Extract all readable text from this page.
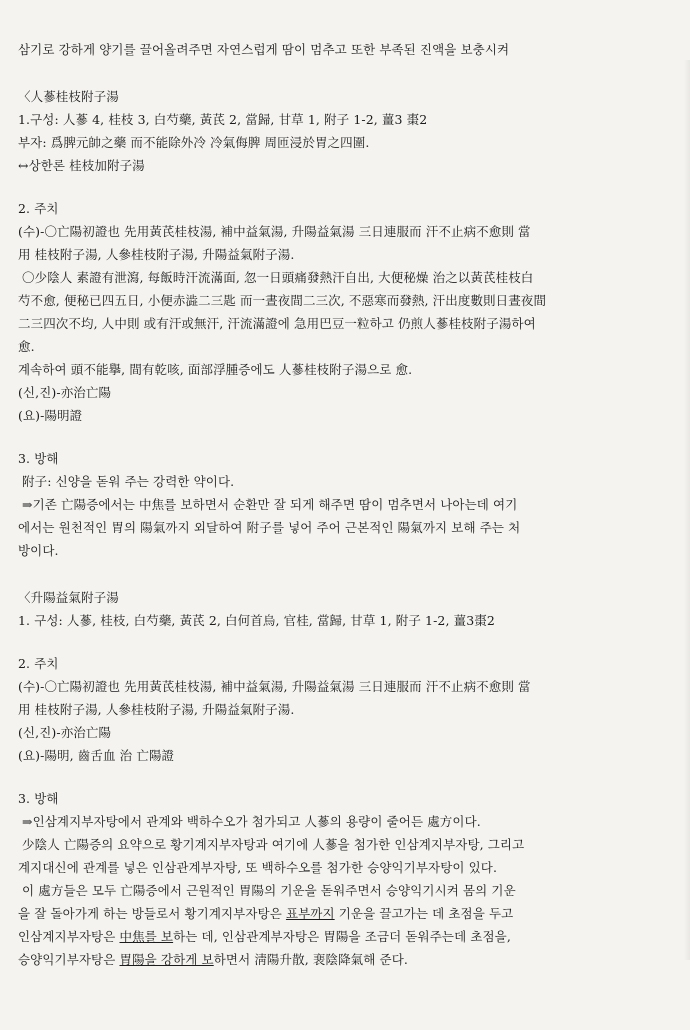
삼기로 강하게 양기를 끌어올려주면 자연스럽게 땀이 멈추고 또한 부족된 진액을 보충시켜

〈人蔘桂枝附子湯

1.구성: 人蔘 4, 桂枝 3, 白芍藥, 黃芪 2, 當歸, 甘草 1, 附子 1-2, 薑3 棗2

부자: 爲脾元帥之藥 而不能除外冷 冷氣侮脾 周匝浸於胃之四圍.

↔상한론 桂枝加附子湯

2. 주치

(수)-〇亡陽初證也 先用黃芪桂枝湯, 補中益氣湯, 升陽益氣湯 三日連服而 汗不止病不愈則 當

用 桂枝附子湯, 人參桂枝附子湯, 升陽益氣附子湯.

〇少陰人 素證有泄瀉, 每飯時汗流滿面, 忽一日頭痛發熱汗自出, 大便秘燥 治之以黃芪桂枝白

芍不愈, 便秘已四五日, 小便赤澁二三匙 而一晝夜間二三次, 不惡寒而發熱, 汗出度數則日晝夜間

二三四次不均, 人中則 或有汗或無汗, 汗流滿證에 急用巴豆一粒하고 仍煎人蔘桂枝附子湯하여

愈.

계속하여 頭不能擧, 間有乾咳, 面部浮腫증에도 人蔘桂枝附子湯으로 愈.

(신,진)-亦治亡陽

(요)-陽明證

3. 방해

附子: 신양을 돋워 주는 강력한 약이다.

⇒기존 亡陽증에서는 中焦를 보하면서 순환만 잘 되게 해주면 땀이 멈추면서 나아는데 여기

에서는 원천적인 胃의 陽氣까지 외달하여 附子를 넣어 주어 근본적인 陽氣까지 보해 주는 처

방이다.

〈升陽益氣附子湯

1. 구성: 人蔘, 桂枝, 白芍藥, 黃芪 2, 白何首烏, 官桂, 當歸, 甘草 1, 附子 1-2, 薑3棗2

2. 주치

(수)-〇亡陽初證也 先用黃芪桂枝湯, 補中益氣湯, 升陽益氣湯 三日連服而 汗不止病不愈則 當

用 桂枝附子湯, 人參桂枝附子湯, 升陽益氣附子湯.

(신,진)-亦治亡陽

(요)-陽明, 齒舌血 治 亡陽證

3. 방해

⇒인삼계지부자탕에서 관계와 백하수오가 첨가되고 人蔘의 용량이 줄어든 處方이다.

少陰人 亡陽증의 요약으로 황기계지부자탕과 여기에 人蔘을 첨가한 인삼계지부자탕, 그리고

계지대신에 관계를 넣은 인삼관계부자탕, 또 백하수오를 첨가한 승양익기부자탕이 있다.

이 處方들은 모두 亡陽증에서 근원적인 胃陽의 기운을 돋워주면서 승양익기시켜 몸의 기운

을 잘 돌아가게 하는 방들로서 황기계지부자탕은 표부까지 기운을 끌고가는 데 초점을 두고

인삼계지부자탕은 中焦를 보하는 데, 인삼관계부자탕은 胃陽을 조금더 돋워주는데 초점을,

승양익기부자탕은 胃陽을 강하게 보하면서 淸陽升散, 裵陰降氣해 준다.
